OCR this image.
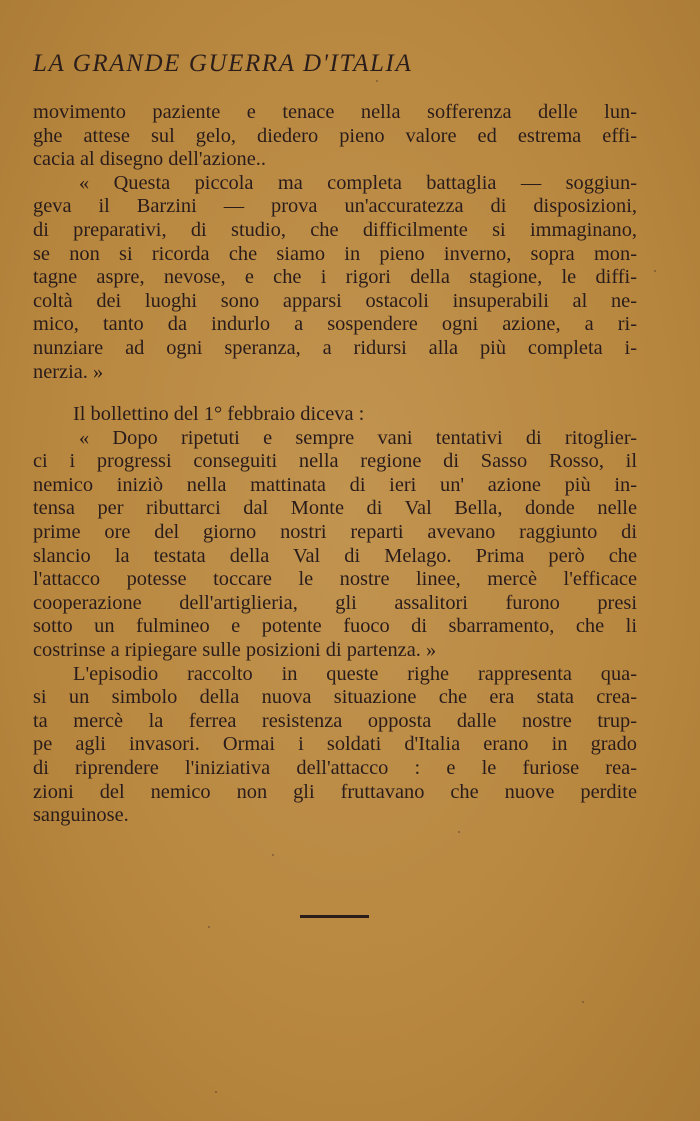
LA GRANDE GUERRA D'ITALIA
movimento paziente e tenace nella sofferenza delle lun-
ghe attese sul gelo, diedero pieno valore ed estrema effi-
cacia al disegno dell'azione..
« Questa piccola ma completa battaglia — soggiun-
geva il Barzini — prova un'accuratezza di disposizioni,
di preparativi, di studio, che difficilmente si immaginano,
se non si ricorda che siamo in pieno inverno, sopra mon-
tagne aspre, nevose, e che i rigori della stagione, le diffi-
coltà dei luoghi sono apparsi ostacoli insuperabili al ne-
mico, tanto da indurlo a sospendere ogni azione, a ri-
nunziare ad ogni speranza, a ridursi alla più completa i-
nerzia. »
Il bollettino del 1° febbraio diceva :
« Dopo ripetuti e sempre vani tentativi di ritoglier-
ci i progressi conseguiti nella regione di Sasso Rosso, il
nemico iniziò nella mattinata di ieri un' azione più in-
tensa per ributtarci dal Monte di Val Bella, donde nelle
prime ore del giorno nostri reparti avevano raggiunto di
slancio la testata della Val di Melago. Prima però che
l'attacco potesse toccare le nostre linee, mercè l'efficace
cooperazione dell'artiglieria, gli assalitori furono presi
sotto un fulmineo e potente fuoco di sbarramento, che li
costrinse a ripiegare sulle posizioni di partenza. »
L'episodio raccolto in queste righe rappresenta qua-
si un simbolo della nuova situazione che era stata crea-
ta mercè la ferrea resistenza opposta dalle nostre trup-
pe agli invasori. Ormai i soldati d'Italia erano in grado
di riprendere l'iniziativa dell'attacco : e le furiose rea-
zioni del nemico non gli fruttavano che nuove perdite
sanguinose.
